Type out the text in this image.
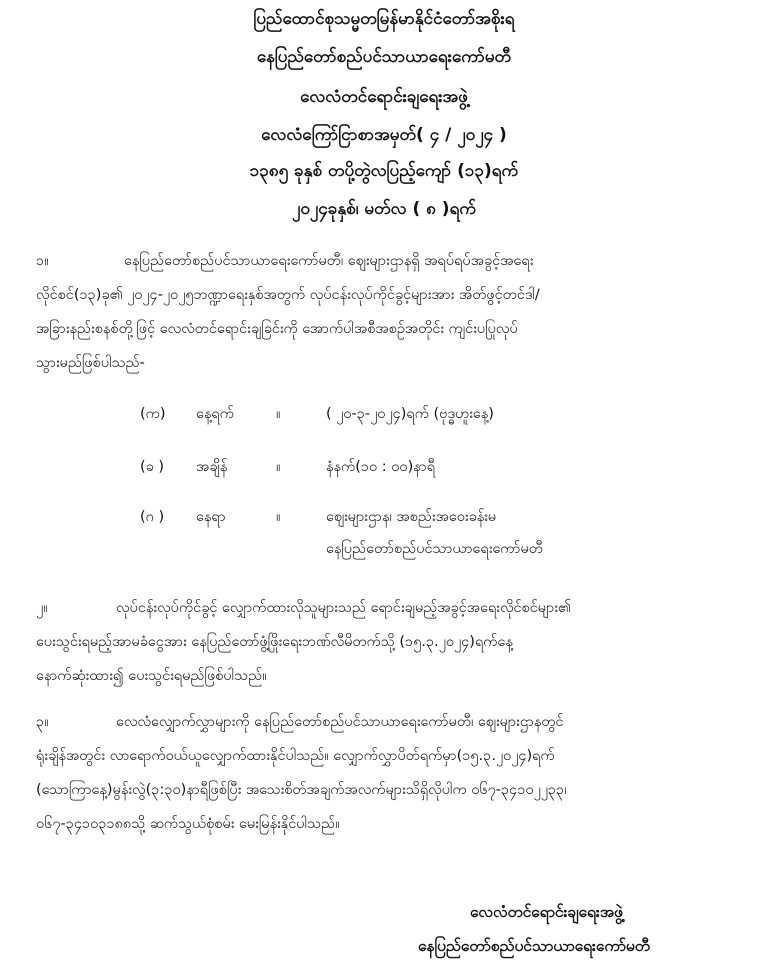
ပြည်ထောင်စုသမ္မတမြန်မာနိုင်ငံတော်အစိုးရ
နေပြည်တော်စည်ပင်သာယာရေးကော်မတီ
လေလံတင်ရောင်းချရေးအဖွဲ့
လေလံကြော်ငြာစာအမှတ်( ၄ / ၂၀၂၄ )
၁၃၈၅ ခုနှစ် တပို့တွဲလပြည့်ကျော် (၁၃)ရက်
၂၀၂၄ခုနှစ်၊ မတ်လ ( ၈ )ရက်
၁။	နေပြည်တော်စည်ပင်သာယာရေးကော်မတီ၊ ဈေးများဌာနရှိ အရပ်ရပ်အခွင့်အရေး
လိုင်စင်(၁၃)ခု၏ ၂၀၂၄-၂၀၂၅ဘဏ္ဍာရေးနှစ်အတွက် လုပ်ငန်းလုပ်ကိုင်ခွင့်များအား အိတ်ဖွင့်တင်ဒါ/
အခြားနည်းစနစ်တို့ဖြင့် လေလံတင်ရောင်းချခြင်းကို အောက်ပါအစီအစဉ်အတိုင်း ကျင်းပပြုလုပ်
သွားမည်ဖြစ်ပါသည်-
(က) နေ့ရက်	။	( ၂၀-၃-၂၀၂၄)ရက် (ဗုဒ္ဓဟူးနေ့)
(ခ ) အချိန်	။	နံနက်(၁၀ : ၀၀)နာရီ
(ဂ ) နေရာ	။	ဈေးများဌာန၊ အစည်းအဝေးခန်းမ
နေပြည်တော်စည်ပင်သာယာရေးကော်မတီ
၂။	လုပ်ငန်းလုပ်ကိုင်ခွင့် လျှောက်ထားလိုသူများသည် ရောင်းချမည့်အခွင့်အရေးလိုင်စင်များ၏
ပေးသွင်းရမည့်အာမခံငွေအား နေပြည်တော်ဖွံ့ဖြိုးရေးဘဏ်လီမိတက်သို့ (၁၅.၃.၂၀၂၄)ရက်နေ့
နောက်ဆုံးထား၍ ပေးသွင်းရမည်ဖြစ်ပါသည်။
၃။	လေလံလျှောက်လွှာများကို နေပြည်တော်စည်ပင်သာယာရေးကော်မတီ၊ ဈေးများဌာနတွင်
ရုံးချိန်အတွင်း လာရောက်ဝယ်ယူလျှောက်ထားနိုင်ပါသည်။ လျှောက်လွှာပိတ်ရက်မှာ(၁၅.၃.၂၀၂၄)ရက်
(သောကြာနေ့)မွန်းလွဲ(၃:၃၀)နာရီဖြစ်ပြီး အသေးစိတ်အချက်အလက်များသိရှိလိုပါက ၀၆၇-၃၄၁၀၂၂၃၃၊
၀၆၇-၃၄၁၀၃၁၈၈သို့ ဆက်သွယ်စုံစမ်း မေးမြန်းနိုင်ပါသည်။
လေလံတင်ရောင်းချရေးအဖွဲ့
နေပြည်တော်စည်ပင်သာယာရေးကော်မတီ
